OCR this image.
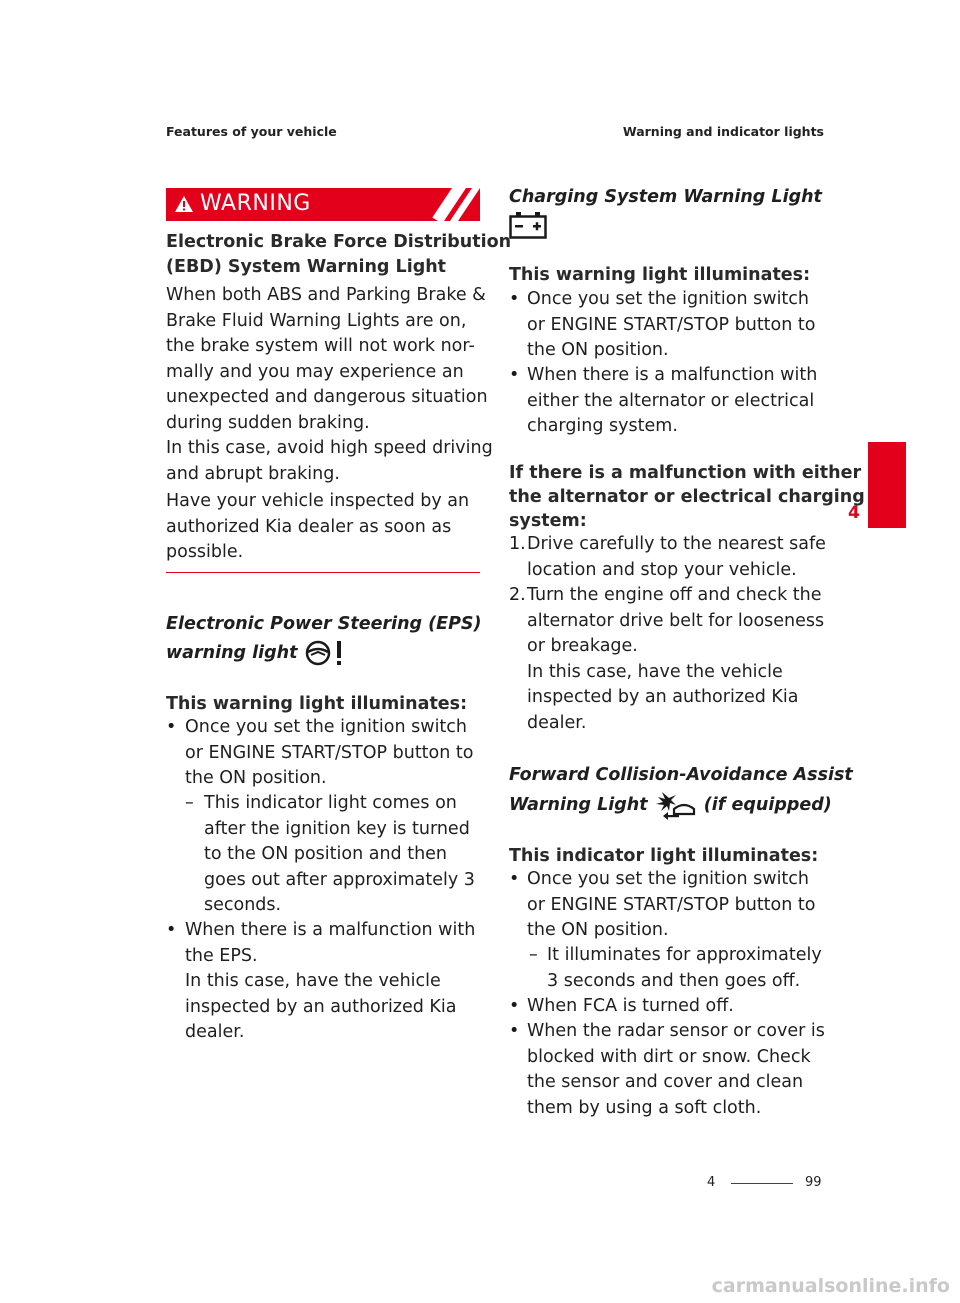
Features of your vehicle	Warning and indicator lights
WARNING
Electronic Brake Force Distribution
(EBD) System Warning Light
When both ABS and Parking Brake &
Brake Fluid Warning Lights are on,
the brake system will not work nor-
mally and you may experience an
unexpected and dangerous situation
during sudden braking.
In this case, avoid high speed driving
and abrupt braking.
Have your vehicle inspected by an
authorized Kia dealer as soon as
possible.
Electronic Power Steering (EPS)
warning light
This warning light illuminates:
• Once you set the ignition switch
or ENGINE START/STOP button to
the ON position.
– This indicator light comes on
after the ignition key is turned
to the ON position and then
goes out after approximately 3
seconds.
• When there is a malfunction with
the EPS.
In this case, have the vehicle
inspected by an authorized Kia
dealer.
Charging System Warning Light
This warning light illuminates:
• Once you set the ignition switch
or ENGINE START/STOP button to
the ON position.
• When there is a malfunction with
either the alternator or electrical
charging system.
If there is a malfunction with either
the alternator or electrical charging
system:
1. Drive carefully to the nearest safe
location and stop your vehicle.
2. Turn the engine off and check the
alternator drive belt for looseness
or breakage.
In this case, have the vehicle
inspected by an authorized Kia
dealer.
Forward Collision-Avoidance Assist
Warning Light	(if equipped)
This indicator light illuminates:
• Once you set the ignition switch
or ENGINE START/STOP button to
the ON position.
– It illuminates for approximately
3 seconds and then goes off.
• When FCA is turned off.
• When the radar sensor or cover is
blocked with dirt or snow. Check
the sensor and cover and clean
them by using a soft cloth.
4
4	99
carmanualsonline.info
